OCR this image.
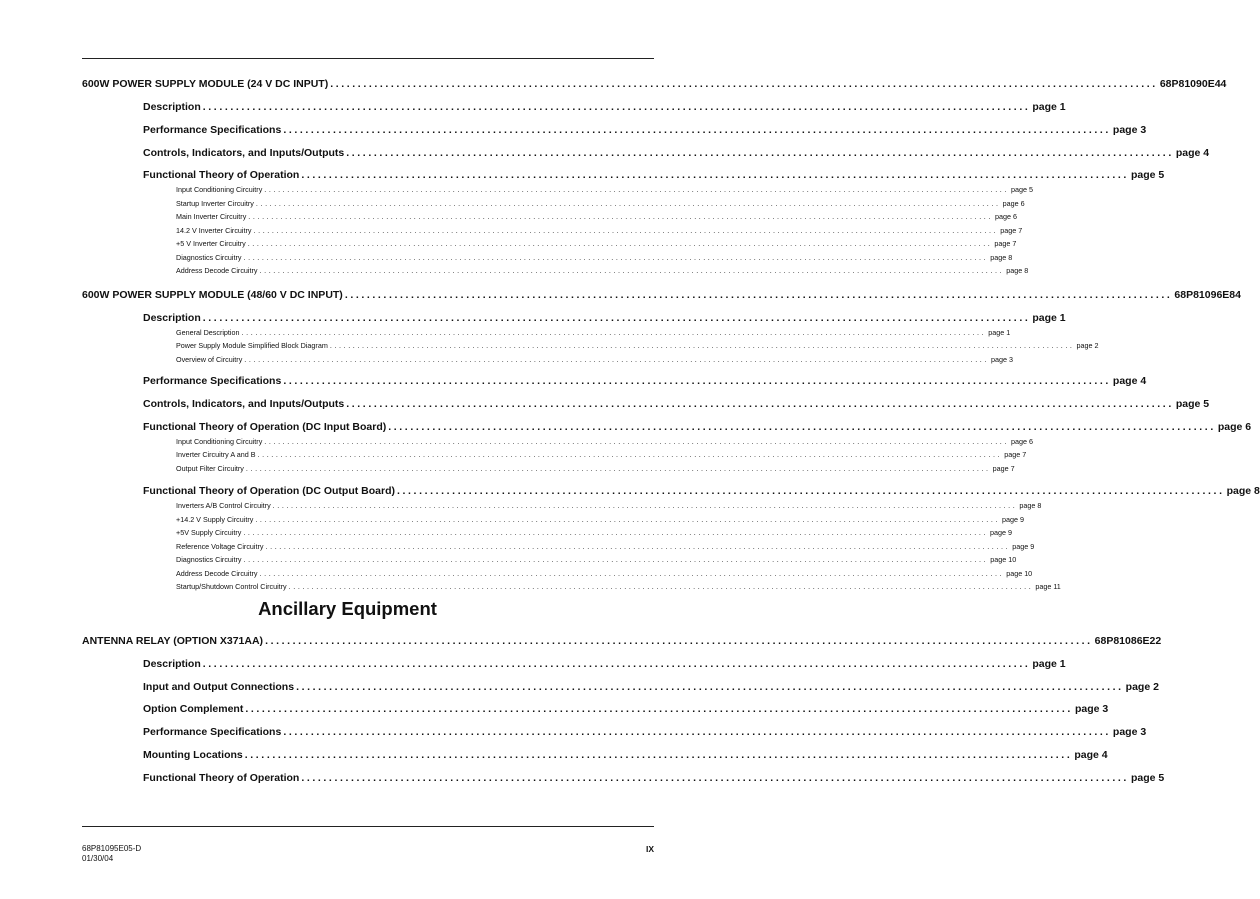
600W POWER SUPPLY MODULE (24 V DC INPUT) ...................................................................................................................................................... 68P81090E44
Description ...................................................................................................................................................... page 1
Performance Specifications ...................................................................................................................................................... page 3
Controls, Indicators, and Inputs/Outputs ...................................................................................................................................................... page 4
Functional Theory of Operation ...................................................................................................................................................... page 5
Input Conditioning Circuitry .................................................................................................................................................................. page 5
Startup Inverter Circuitry .................................................................................................................................................................. page 6
Main Inverter Circuitry .................................................................................................................................................................. page 6
14.2 V Inverter Circuitry .................................................................................................................................................................. page 7
+5 V Inverter Circuitry .................................................................................................................................................................. page 7
Diagnostics Circuitry .................................................................................................................................................................. page 8
Address Decode Circuitry .................................................................................................................................................................. page 8
600W POWER SUPPLY MODULE (48/60 V DC INPUT) ...................................................................................................................................................... 68P81096E84
Description ...................................................................................................................................................... page 1
General Description .................................................................................................................................................................. page 1
Power Supply Module Simplified Block Diagram .................................................................................................................................................................. page 2
Overview of Circuitry .................................................................................................................................................................. page 3
Performance Specifications ...................................................................................................................................................... page 4
Controls, Indicators, and Inputs/Outputs ...................................................................................................................................................... page 5
Functional Theory of Operation (DC Input Board) ...................................................................................................................................................... page 6
Input Conditioning Circuitry .................................................................................................................................................................. page 6
Inverter Circuitry A and B .................................................................................................................................................................. page 7
Output Filter Circuitry .................................................................................................................................................................. page 7
Functional Theory of Operation (DC Output Board) ...................................................................................................................................................... page 8
Inverters A/B Control Circuitry .................................................................................................................................................................. page 8
+14.2 V Supply Circuitry .................................................................................................................................................................. page 9
+5V Supply Circuitry .................................................................................................................................................................. page 9
Reference Voltage Circuitry .................................................................................................................................................................. page 9
Diagnostics Circuitry .................................................................................................................................................................. page 10
Address Decode Circuitry .................................................................................................................................................................. page 10
Startup/Shutdown Control Circuitry .................................................................................................................................................................. page 11
Ancillary Equipment
ANTENNA RELAY (OPTION X371AA) ...................................................................................................................................................... 68P81086E22
Description ...................................................................................................................................................... page 1
Input and Output Connections ...................................................................................................................................................... page 2
Option Complement ...................................................................................................................................................... page 3
Performance Specifications ...................................................................................................................................................... page 3
Mounting Locations ...................................................................................................................................................... page 4
Functional Theory of Operation ...................................................................................................................................................... page 5
68P81095E05-D
01/30/04
IX
